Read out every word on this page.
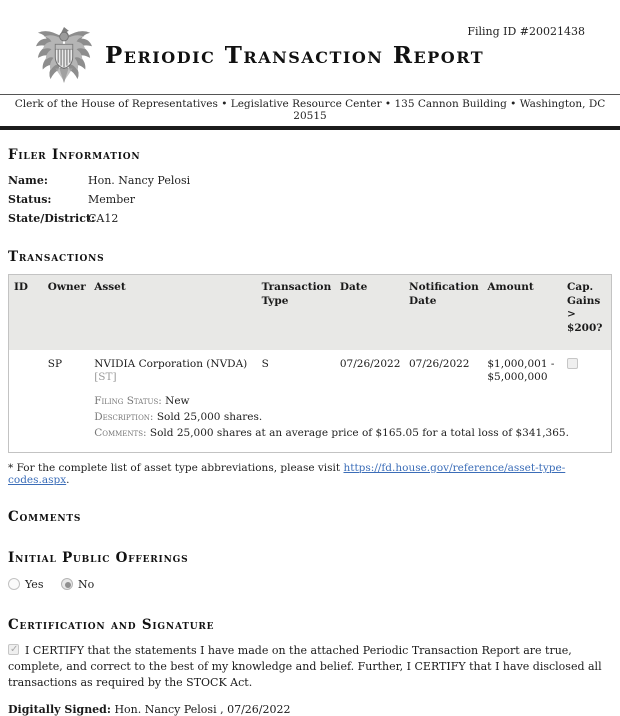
Filing ID #20021438
Periodic Transaction Report
Clerk of the House of Representatives • Legislative Resource Center • 135 Cannon Building • Washington, DC 20515
Filer Information
Name:	Hon. Nancy Pelosi
Status:	Member
State/District:
CA12
Transactions
ID	Owner	Asset	Transaction Type	Date	Notification Date	Amount	Cap. Gains > $200?
	SP	NVIDIA Corporation (NVDA) [ST]	S	07/26/2022	07/26/2022	$1,000,001 - $5,000,000	

		Filing Status: New
Description: Sold 25,000 shares.
Comments: Sold 25,000 shares at an average price of $165.05 for a total loss of $341,365.					
* For the complete list of asset type abbreviations, please visit https://fd.house.gov/reference/asset-type-codes.aspx.
Comments
Initial Public Offerings
Yes	No
Certification and Signature

✓I CERTIFY that the statements I have made on the attached Periodic Transaction Report are true, complete, and correct to the best of my knowledge and belief. Further, I CERTIFY that I have disclosed all transactions as required by the STOCK Act.

Digitally Signed: Hon. Nancy Pelosi , 07/26/2022
